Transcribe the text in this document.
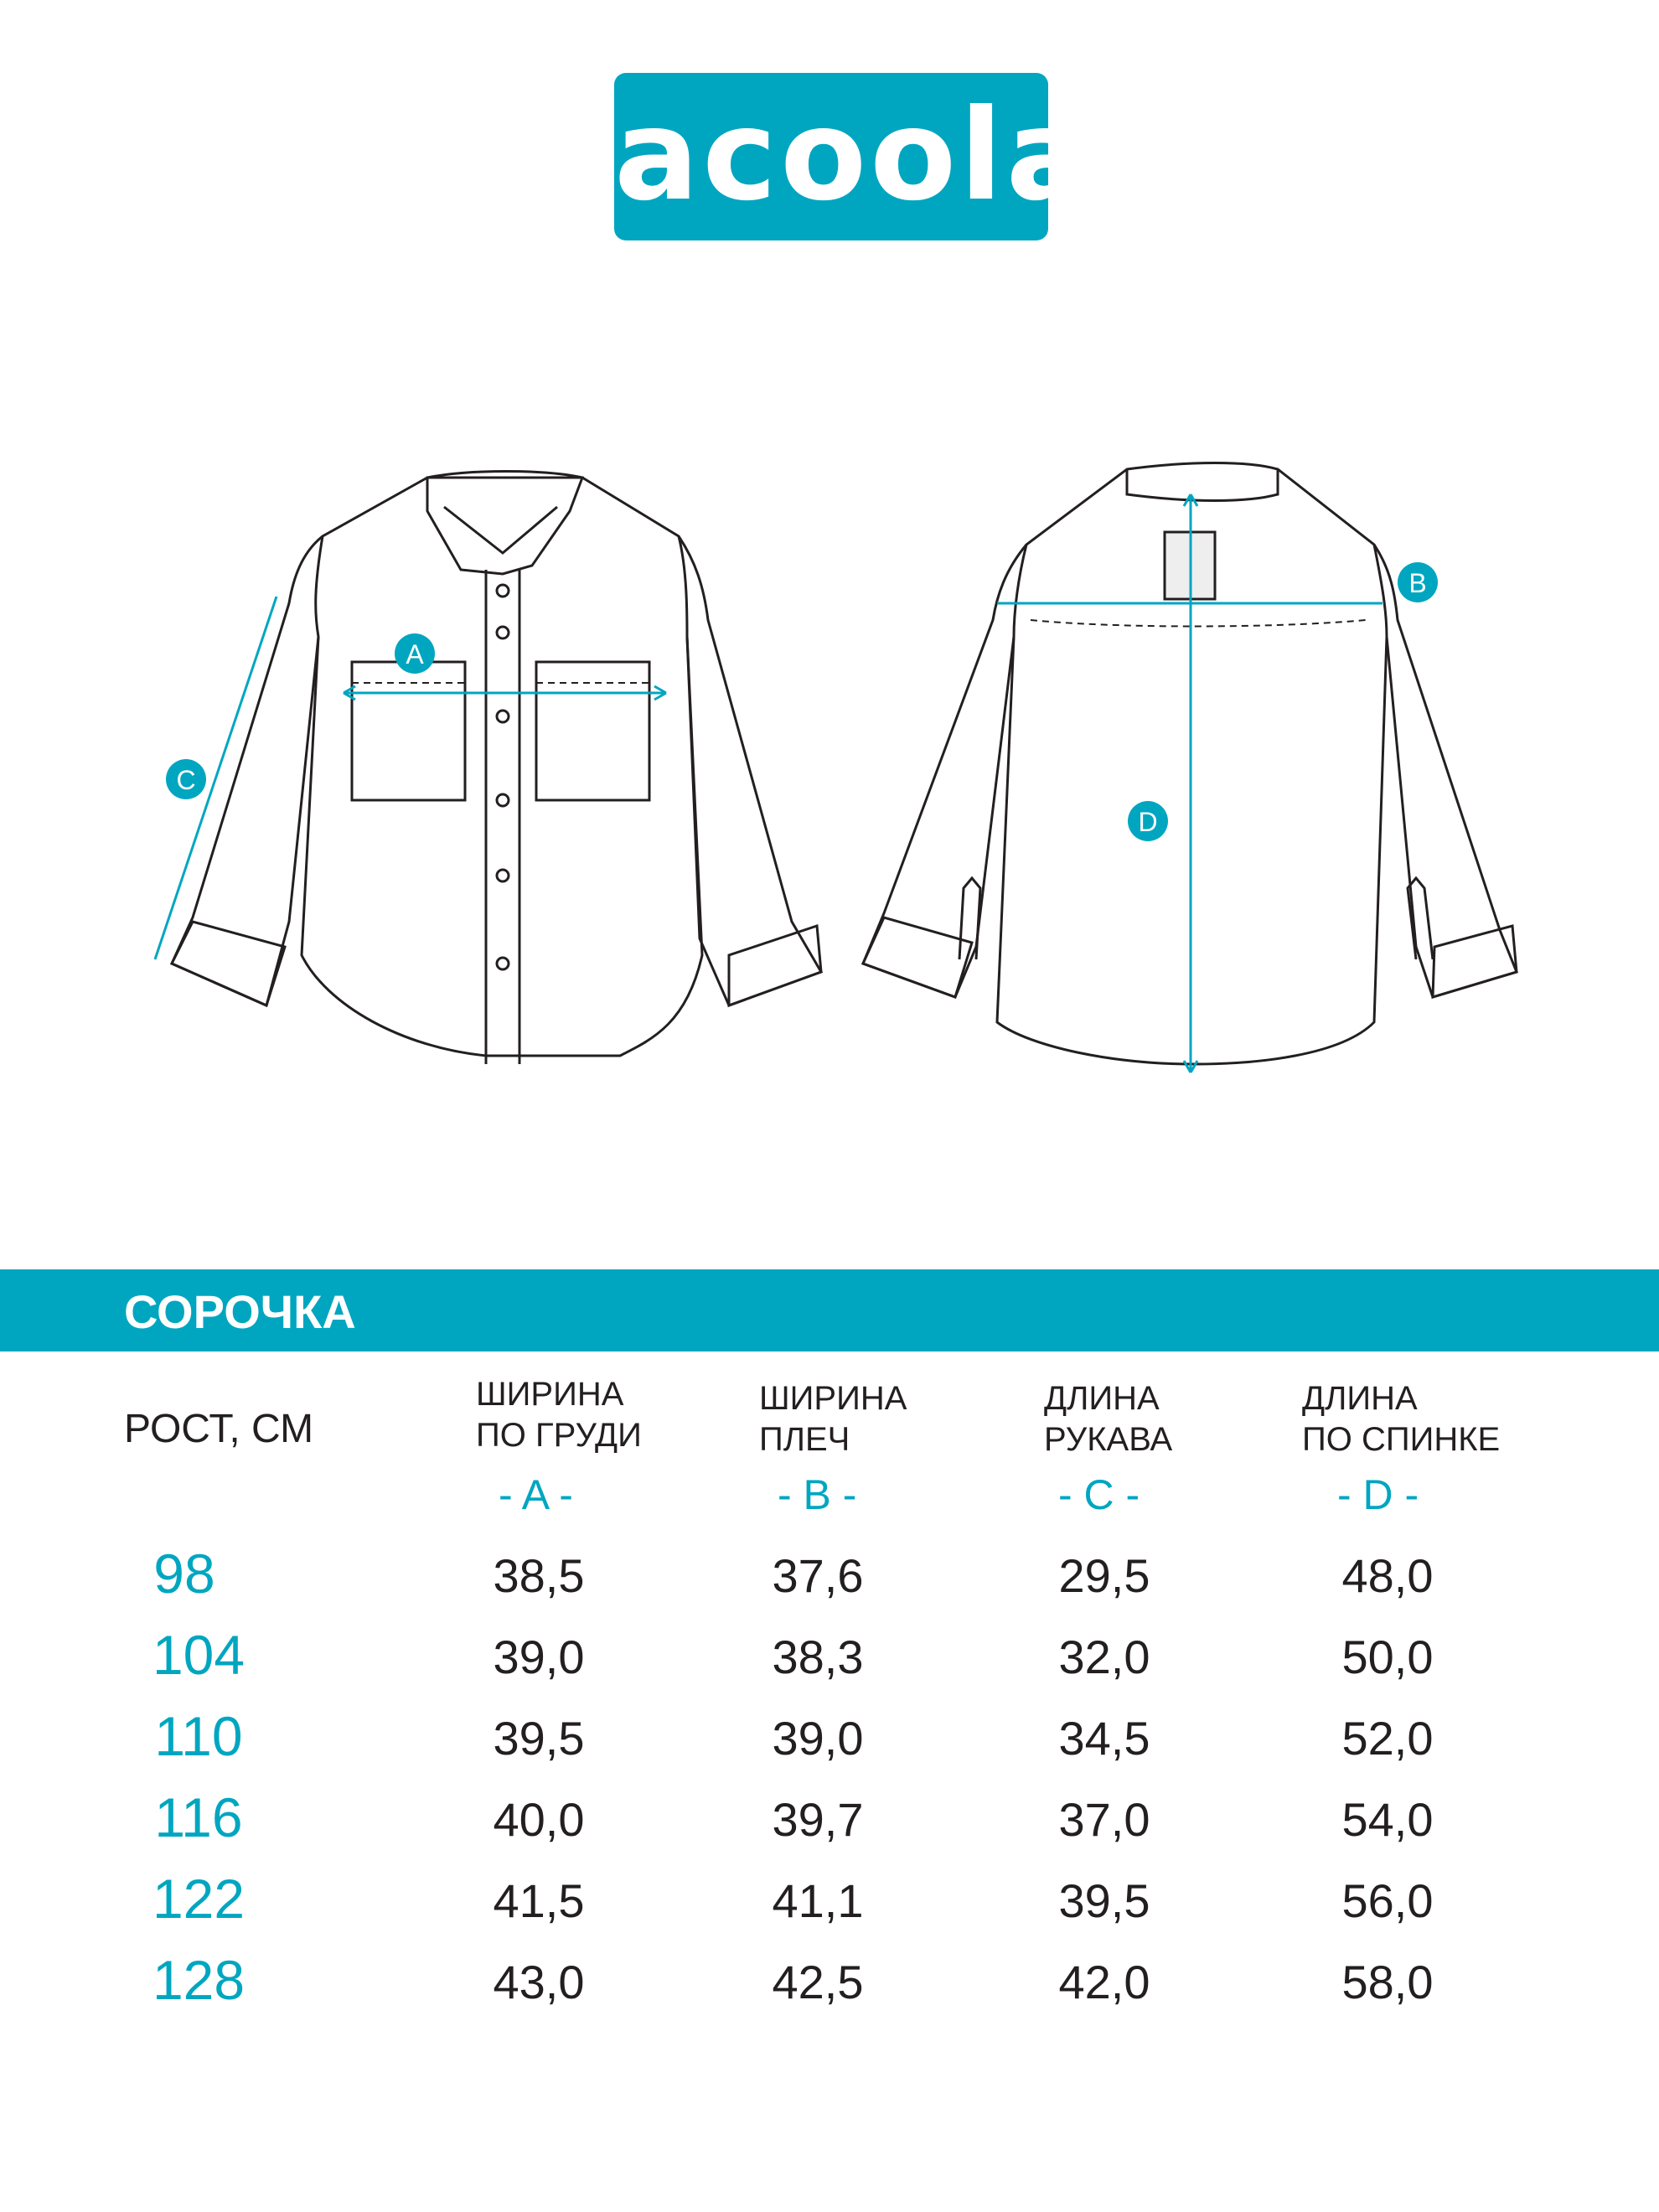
acoola
A
C
B
D
СОРОЧКА
РОСТ, СМ
ШИРИНА
ПО ГРУДИ
- A -
ШИРИНА
ПЛЕЧ
- B -
ДЛИНА
РУКАВА
- C -
ДЛИНА
ПО СПИНКЕ
- D -
98	38,5	37,6	29,5	48,0
104	39,0	38,3	32,0	50,0
110	39,5	39,0	34,5	52,0
116	40,0	39,7	37,0	54,0
122	41,5	41,1	39,5	56,0
128	43,0	42,5	42,0	58,0
